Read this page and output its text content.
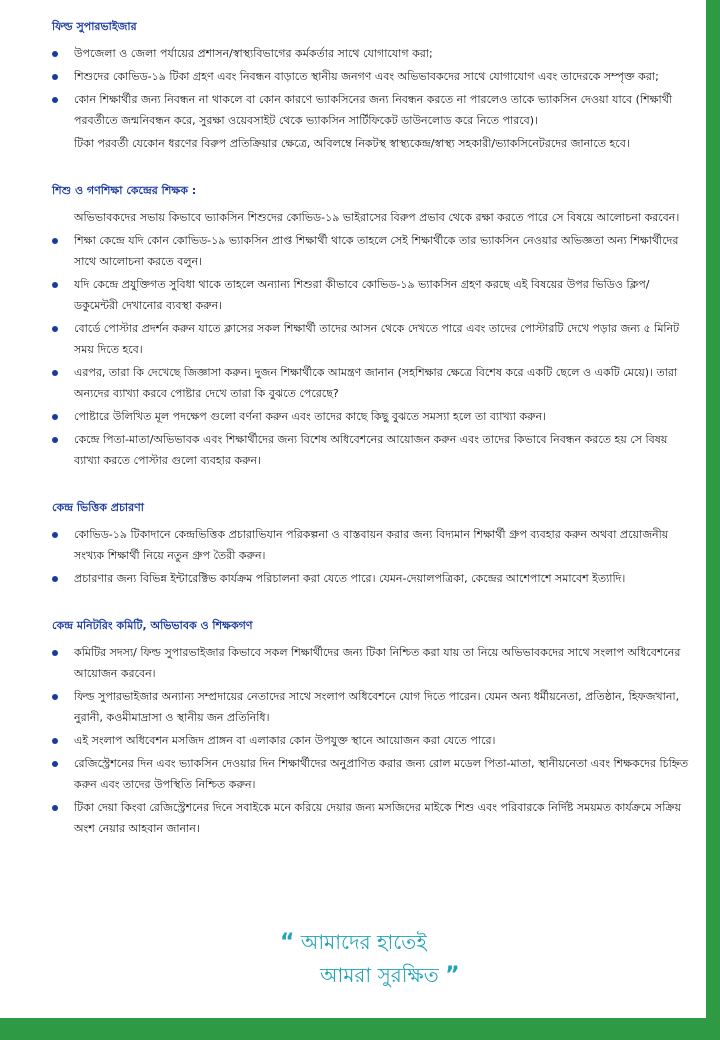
ফিল্ড সুপারভাইজার
উপজেলা ও জেলা পর্যায়ের প্রশাসন/স্বাস্থ্যবিভাগের কর্মকর্তার সাথে যোগাযোগ করা;
শিশুদের কোভিড-১৯ টিকা গ্রহণ এবং নিবন্ধন বাড়াতে স্থানীয় জনগণ এবং অভিভাবকদের সাথে যোগাযোগ এবং তাদেরকে সম্পৃক্ত করা;
কোন শিক্ষার্থীর জন্য নিবন্ধন না থাকলে বা কোন কারণে ভ্যাকসিনের জন্য নিবন্ধন করতে না পারলেও তাকে ভ্যাকসিন দেওয়া যাবে (শিক্ষার্থী পরবর্তীতে জন্মনিবন্ধন করে, সুরক্ষা ওয়েবসাইট থেকে ভ্যাকসিন সার্টিফিকেট ডাউনলোড করে নিতে পারবে)।
টিকা পরবর্তী যেকোন ধরণের বিরুপ প্রতিক্রিয়ার ক্ষেত্রে, অবিলম্বে নিকটস্থ স্বাস্থ্যকেন্দ্র/স্বাস্থ্য সহকারী/ভ্যাকসিনেটরদের জানাতে হবে।
শিশু ও গণশিক্ষা কেন্দ্রের শিক্ষক :
অভিভাবকদের সভায় কিভাবে ভ্যাকসিন শিশুদের কোভিড-১৯ ভাইরাসের বিরুপ প্রভাব থেকে রক্ষা করতে পারে সে বিষয়ে আলোচনা করবেন।
শিক্ষা কেন্দ্রে যদি কোন কোভিড-১৯ ভ্যাকসিন প্রাপ্ত শিক্ষার্থী থাকে তাহলে সেই শিক্ষার্থীকে তার ভ্যাকসিন নেওয়ার অভিজ্ঞতা অন্য শিক্ষার্থীদের সাথে আলোচনা করতে বলুন।
যদি কেন্দ্রে প্রযুক্তিগত সুবিধা থাকে তাহলে অন্যান্য শিশুরা কীভাবে কোভিড-১৯ ভ্যাকসিন গ্রহণ করছে এই বিষয়ের উপর ভিডিও ক্লিপ/ ডকুমেন্টরী দেখানোর ব্যবস্থা করুন।
বোর্ডে পোস্টার প্রদর্শন করুন যাতে ক্লাসের সকল শিক্ষার্থী তাদের আসন থেকে দেখতে পারে এবং তাদের পোস্টারটি দেখে পড়ার জন্য ৫ মিনিট সময় দিতে হবে।
এরপর, তারা কি দেখেছে জিজ্ঞাসা করুন। দুজন শিক্ষার্থীকে আমন্ত্রণ জানান (সহশিক্ষার ক্ষেত্রে বিশেষ করে একটি ছেলে ও একটি মেয়ে)। তারা অন্যদের ব্যাখ্যা করবে পোষ্টার দেখে তারা কি বুঝতে পেরেছে?
পোষ্টারে উলিখিত মূল পদক্ষেপ গুলো বর্ণনা করুন এবং তাদের কাছে কিছু বুঝতে সমস্যা হলে তা ব্যাখ্যা করুন।
কেন্দ্রে পিতা-মাতা/অভিভাবক এবং শিক্ষার্থীদের জন্য বিশেষ অধিবেশনের আয়োজন করুন এবং তাদের কিভাবে নিবন্ধন করতে হয় সে বিষয় ব্যাখ্যা করতে পোস্টার গুলো ব্যবহার করুন।
কেন্দ্র ভিত্তিক প্রচারণা
কোভিড-১৯ টিকাদানে কেন্দ্রভিত্তিক প্রচারাভিযান পরিকল্পনা ও বাস্তবায়ন করার জন্য বিদ্যমান শিক্ষার্থী গ্রুপ ব্যবহার করুন অথবা প্রয়োজনীয় সংখ্যক শিক্ষার্থী নিয়ে নতুন গ্রুপ তৈরী করুন।
প্রচারণার জন্য বিভিন্ন ইন্টারেক্টিভ কার্যক্রম পরিচালনা করা যেতে পারে। যেমন-দেয়ালপত্রিকা, কেন্দ্রের আশেপাশে সমাবেশ ইত্যাদি।
কেন্দ্র মনিটরিং কমিটি, অভিভাবক ও শিক্ষকগণ
কমিটির সদস্য/ ফিল্ড সুপারভাইজার কিভাবে সকল শিক্ষার্থীদের জন্য টিকা নিশ্চিত করা যায় তা নিয়ে অভিভাবকদের সাথে সংলাপ অধিবেশনের আয়োজন করবেন।
ফিল্ড সুপারভাইজার অন্যান্য সম্প্রদায়ের নেতাদের সাথে সংলাপ অধিবেশনে যোগ দিতে পারেন। যেমন অন্য ধর্মীয়নেতা, প্রতিষ্ঠান, হিফজখানা, নুরানী, কওমীমাদ্রাসা ও স্থানীয় জন প্রতিনিধি।
এই সংলাপ অধিবেশন মসজিদ প্রাঙ্গন বা এলাকার কোন উপযুক্ত স্থানে আয়োজন করা যেতে পারে।
রেজিস্ট্রেশনের দিন এবং ভ্যাকসিন দেওয়ার দিন শিক্ষার্থীদের অনুপ্রাণিত করার জন্য রোল মডেল পিতা-মাতা, স্থানীয়নেতা এবং শিক্ষকদের চিহ্নিত করুন এবং তাদের উপস্থিতি নিশ্চিত করুন।
টিকা দেয়া কিংবা রেজিস্ট্রেশনের দিনে সবাইকে মনে করিয়ে দেয়ার জন্য মসজিদের মাইকে শিশু এবং পরিবারকে নির্দিষ্ট সময়মত কার্যক্রমে সক্রিয় অংশ নেয়ার আহবান জানান।
“ আমাদের হাতেই
আমরা সুরক্ষিত ”
